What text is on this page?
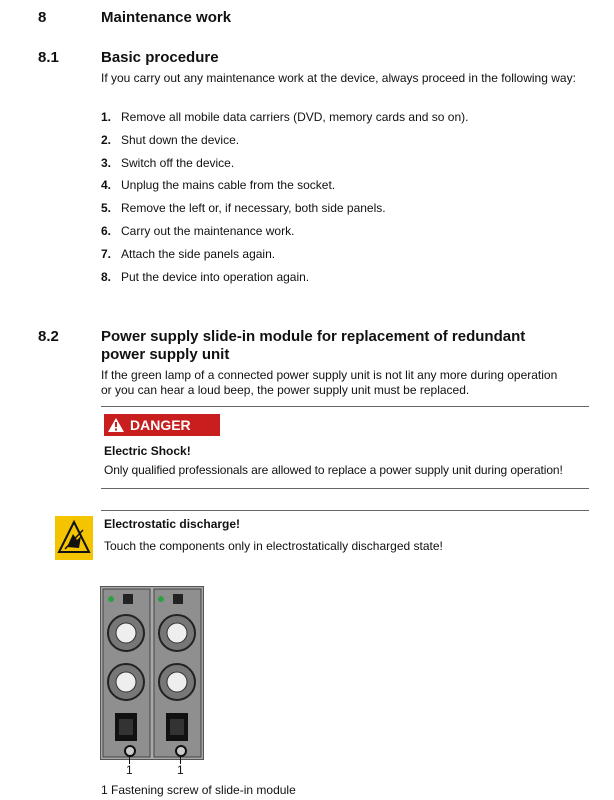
8	Maintenance work
8.1	Basic procedure
If you carry out any maintenance work at the device, always proceed in the following way:
1. Remove all mobile data carriers (DVD, memory cards and so on).
2. Shut down the device.
3. Switch off the device.
4. Unplug the mains cable from the socket.
5. Remove the left or, if necessary, both side panels.
6. Carry out the maintenance work.
7. Attach the side panels again.
8. Put the device into operation again.
8.2	Power supply slide-in module for replacement of redundant
power supply unit
If the green lamp of a connected power supply unit is not lit any more during operation
or you can hear a loud beep, the power supply unit must be replaced.
DANGER
Electric Shock!
Only qualified professionals are allowed to replace a power supply unit during operation!
Electrostatic discharge!
Touch the components only in electrostatically discharged state!
1	1
1 Fastening screw of slide-in module
